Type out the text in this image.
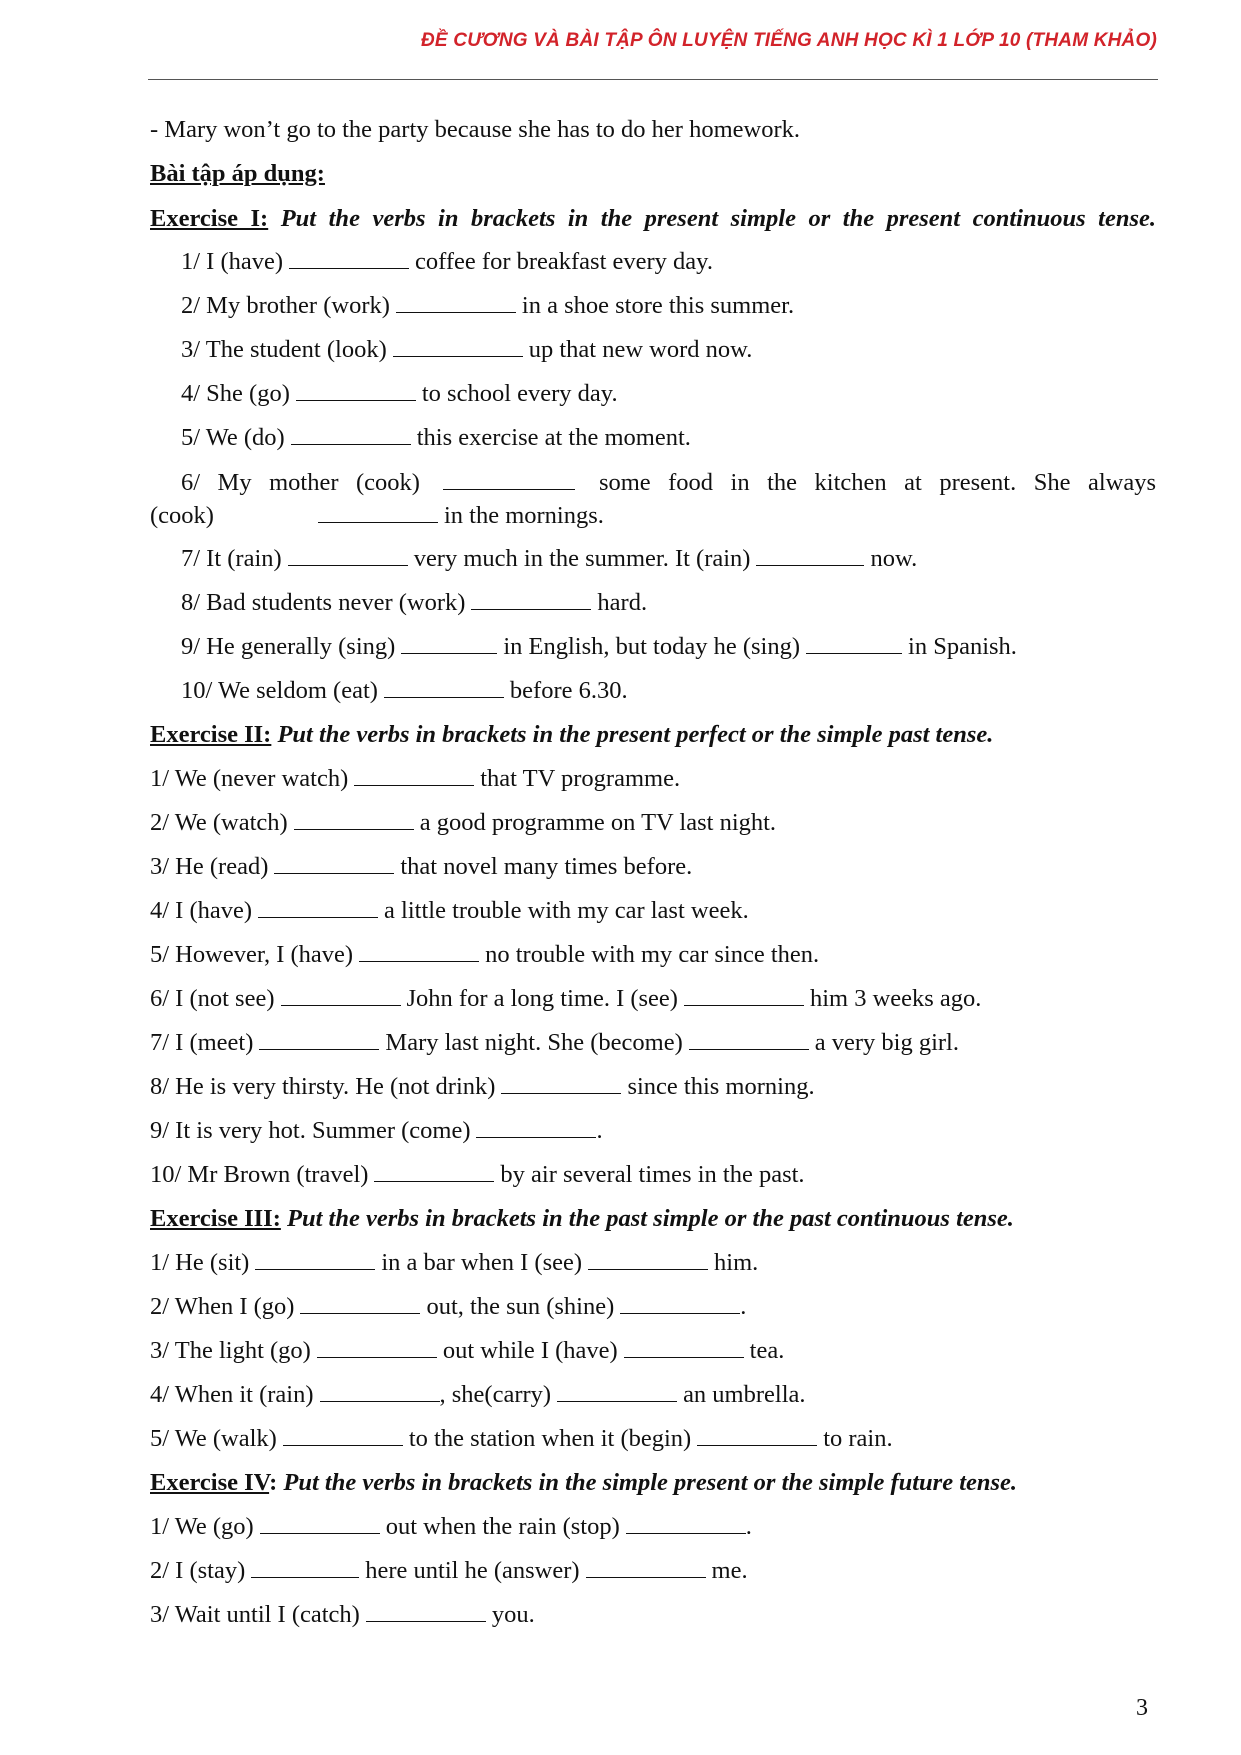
ĐỀ CƯƠNG VÀ BÀI TẬP ÔN LUYỆN TIẾNG ANH HỌC KÌ 1 LỚP 10 (THAM KHẢO)
- Mary won’t go to the party because she has to do her homework.
Bài tập áp dụng:
Exercise I: Put the verbs in brackets in the present simple or the present continuous tense.
1/ I (have)	coffee for breakfast every day.
2/ My brother (work)	in a shoe store this summer.
3/ The student (look)	up that new word now.
4/ She (go)	to school every day.
5/ We (do)	this exercise at the moment.
6/ My mother (cook)	some food in the kitchen at present. She always
(cook)	in the mornings.
7/ It (rain)	very much in the summer. It (rain)	now.
8/ Bad students never (work)	hard.
9/ He generally (sing)	in English, but today he (sing)	in Spanish.
10/ We seldom (eat)	before 6.30.
Exercise II: Put the verbs in brackets in the present perfect or the simple past tense.
1/ We (never watch)	that TV programme.
2/ We (watch)	a good programme on TV last night.
3/ He (read)	that novel many times before.
4/ I (have)	a little trouble with my car last week.
5/ However, I (have)	no trouble with my car since then.
6/ I (not see)	John for a long time. I (see)	him 3 weeks ago.
7/ I (meet)	Mary last night. She (become)	a very big girl.
8/ He is very thirsty. He (not drink)	since this morning.
9/ It is very hot. Summer (come)	.
10/ Mr Brown (travel)	by air several times in the past.
Exercise III: Put the verbs in brackets in the past simple or the past continuous tense.
1/ He (sit)	in a bar when I (see)	him.
2/ When I (go)	out, the sun (shine)	.
3/ The light (go)	out while I (have)	tea.
4/ When it (rain)	, she(carry)	an umbrella.
5/ We (walk)	to the station when it (begin)	to rain.
Exercise IV: Put the verbs in brackets in the simple present or the simple future tense.
1/ We (go)	out when the rain (stop)	.
2/ I (stay)	here until he (answer)	me.
3/ Wait until I (catch)	you.
3
